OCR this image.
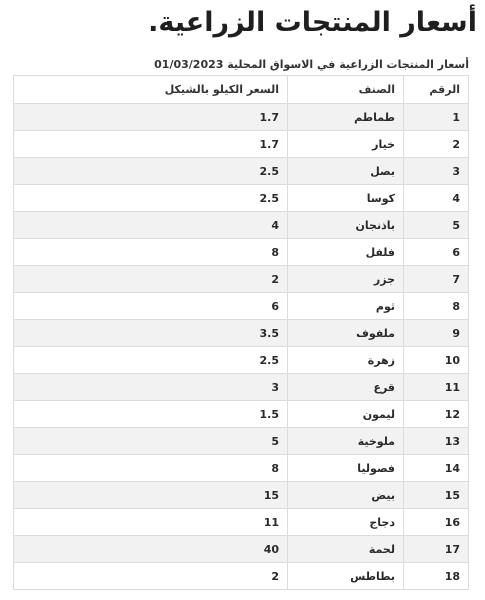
أسعار المنتجات الزراعية.
أسعار المنتجات الزراعية في الاسواق المحلية 01/03/2023
الرقم	الصنف	السعر الكيلو بالشيكل
1	طماطم	1.7
2	خيار	1.7
3	بصل	2.5
4	كوسا	2.5
5	باذنجان	4
6	فلفل	8
7	جزر	2
8	ثوم	6
9	ملفوف	3.5
10	زهرة	2.5
11	قرع	3
12	ليمون	1.5
13	ملوخية	5
14	فصوليا	8
15	بيض	15
16	دجاج	11
17	لحمة	40
18	بطاطس	2
